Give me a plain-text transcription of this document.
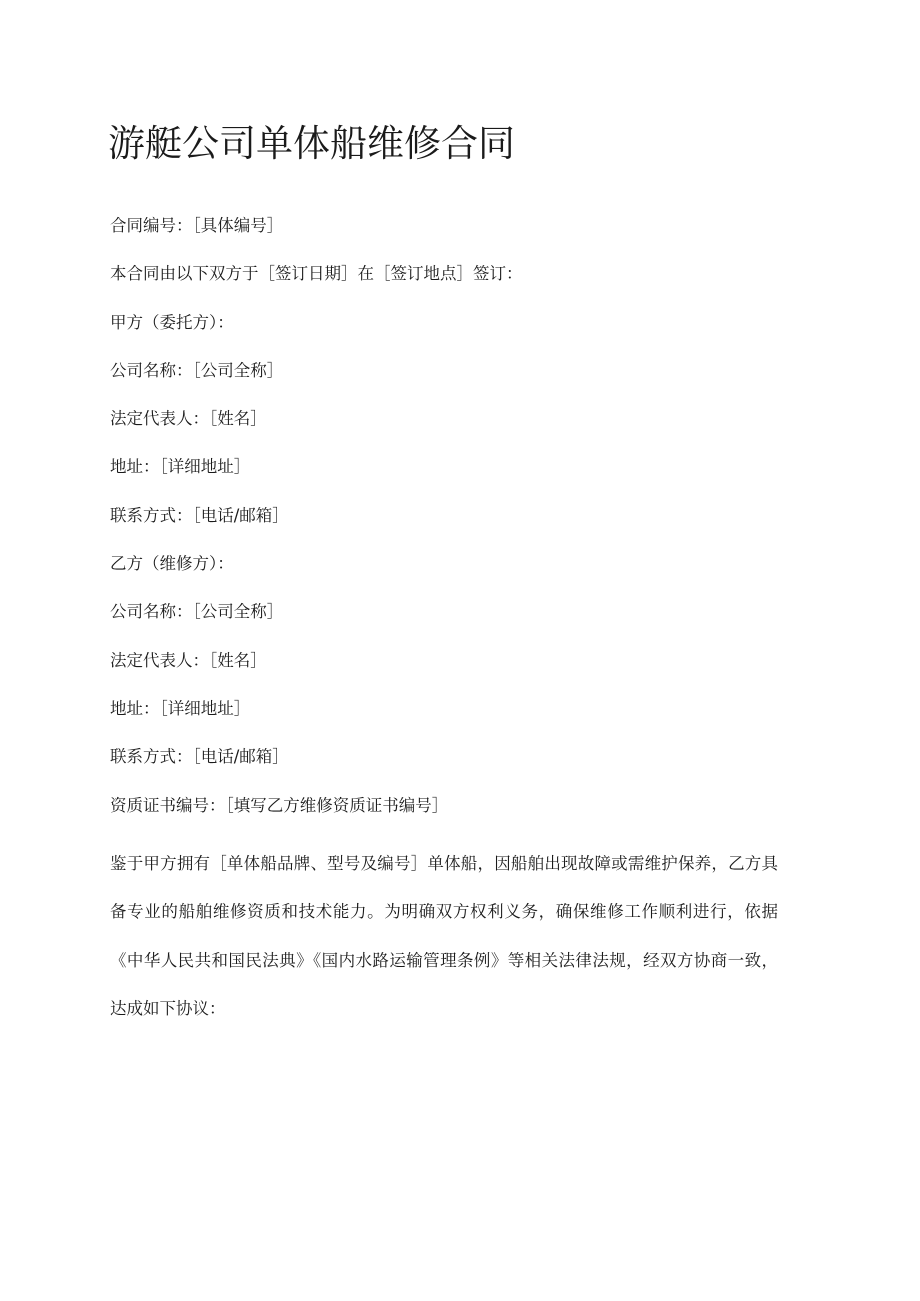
游艇公司单体船维修合同

合同编号：［具体编号］

本合同由以下双方于［签订日期］在［签订地点］签订：

甲方（委托方）：

公司名称：［公司全称］

法定代表人：［姓名］

地址：［详细地址］

联系方式：［电话/邮箱］

乙方（维修方）：

公司名称：［公司全称］

法定代表人：［姓名］

地址：［详细地址］

联系方式：［电话/邮箱］

资质证书编号：［填写乙方维修资质证书编号］

鉴于甲方拥有［单体船品牌、型号及编号］单体船，因船舶出现故障或需维护保养，乙方具备专业的船舶维修资质和技术能力。为明确双方权利义务，确保维修工作顺利进行，依据《中华人民共和国民法典》《国内水路运输管理条例》等相关法律法规，经双方协商一致，达成如下协议：
